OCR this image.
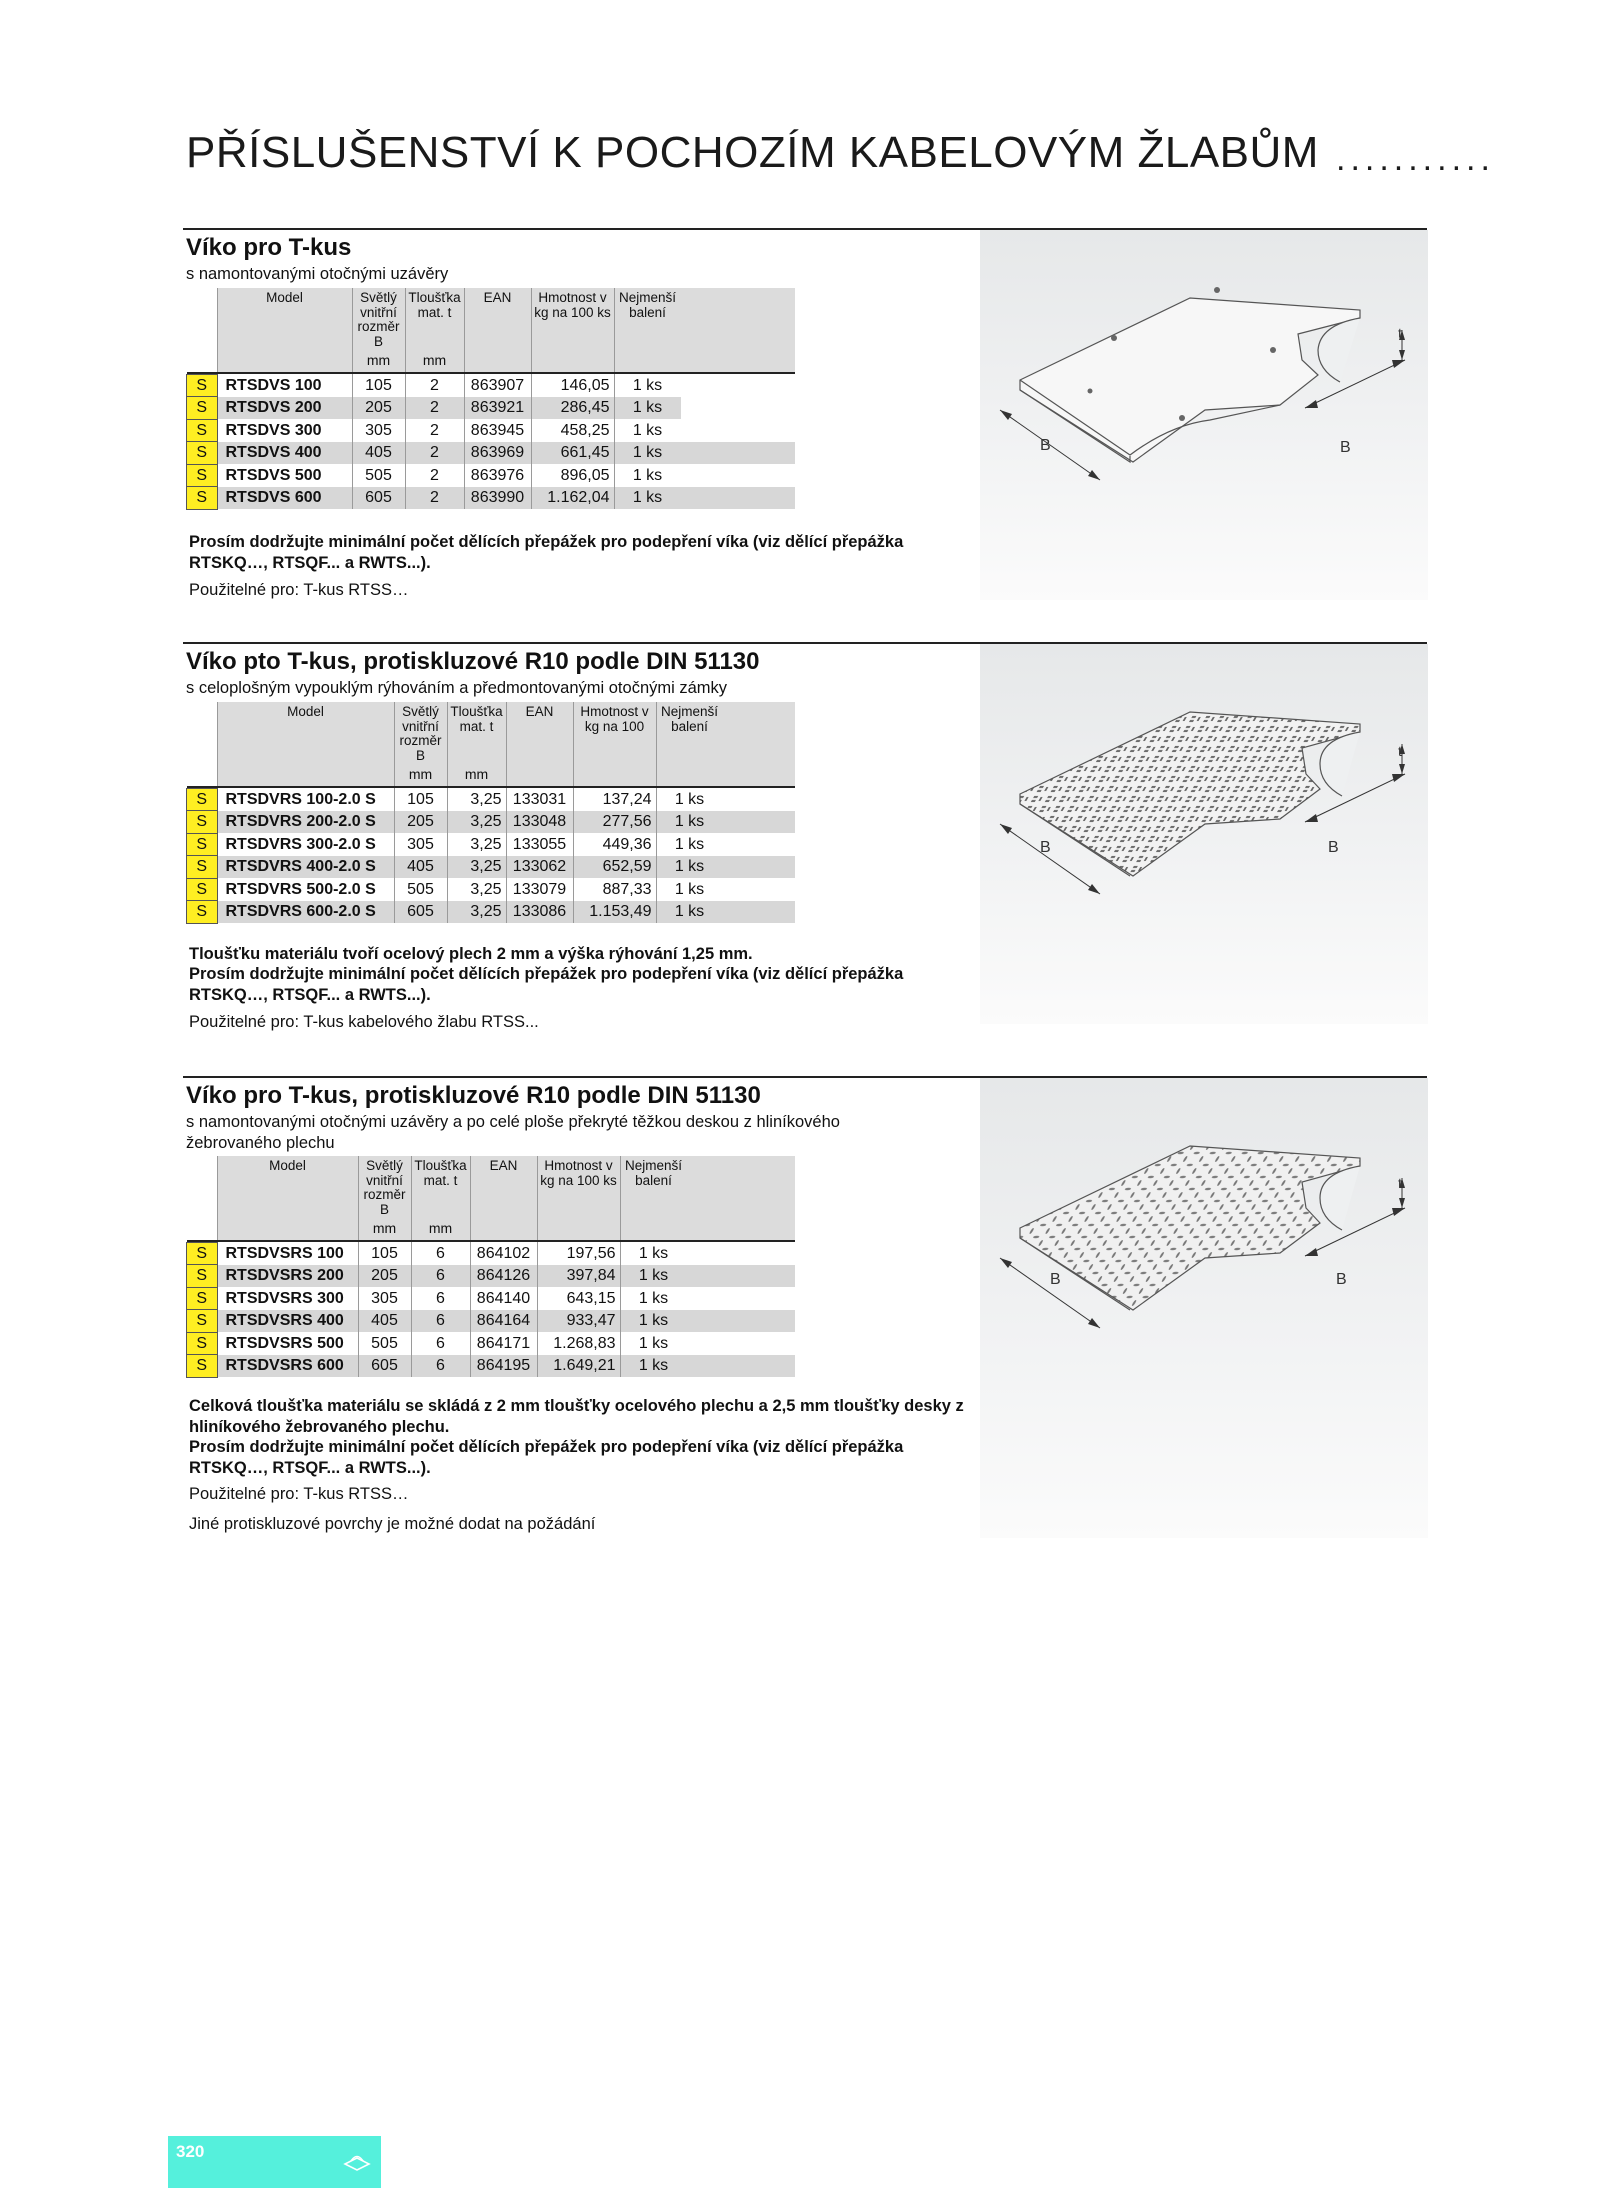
PŘÍSLUŠENSTVÍ K POCHOZÍM KABELOVÝM ŽLABŮM ...........
Víko pro T-kus
s namontovanými otočnými uzávěry
	Model	Světlý vnitřní rozměr B	Tloušťka mat. t	EAN	Hmotnost v kg na 100 ks	Nejmenší balení	
		mm	mm				

S	RTSDVS 100	105	2	863907	146,05	1 ks	
S	RTSDVS 200	205	2	863921	286,45	1 ks	
S	RTSDVS 300	305	2	863945	458,25	1 ks	
S	RTSDVS 400	405	2	863969	661,45	1 ks	
S	RTSDVS 500	505	2	863976	896,05	1 ks	
S	RTSDVS 600	605	2	863990	1.162,04	1 ks	
Prosím dodržujte minimální počet dělících přepážek pro podepření víka (viz dělící přepážka RTSKQ…, RTSQF... a RWTS...).
Použitelné pro: T-kus RTSS…
B	B
t
Víko pto T-kus, protiskluzové R10 podle DIN 51130
s celoplošným vypouklým rýhováním a předmontovanými otočnými zámky
	Model	Světlý vnitřní rozměr B	Tloušťka mat. t	EAN	Hmotnost v kg na 100	Nejmenší balení	
		mm	mm				

S	RTSDVRS 100-2.0 S	105	3,25	133031	137,24	1 ks	
S	RTSDVRS 200-2.0 S	205	3,25	133048	277,56	1 ks	
S	RTSDVRS 300-2.0 S	305	3,25	133055	449,36	1 ks	
S	RTSDVRS 400-2.0 S	405	3,25	133062	652,59	1 ks	
S	RTSDVRS 500-2.0 S	505	3,25	133079	887,33	1 ks	
S	RTSDVRS 600-2.0 S	605	3,25	133086	1.153,49	1 ks	
Tloušťku materiálu tvoří ocelový plech 2 mm a výška rýhování 1,25 mm.
Prosím dodržujte minimální počet dělících přepážek pro podepření víka (viz dělící přepážka RTSKQ…, RTSQF... a RWTS...).
Použitelné pro: T-kus kabelového žlabu RTSS...
B	B
t
Víko pro T-kus, protiskluzové R10 podle DIN 51130
s namontovanými otočnými uzávěry a po celé ploše překryté těžkou deskou z hliníkového žebrovaného plechu
	Model	Světlý vnitřní rozměr B	Tloušťka mat. t	EAN	Hmotnost v kg na 100 ks	Nejmenší balení	
		mm	mm				

S	RTSDVSRS 100	105	6	864102	197,56	1 ks	
S	RTSDVSRS 200	205	6	864126	397,84	1 ks	
S	RTSDVSRS 300	305	6	864140	643,15	1 ks	
S	RTSDVSRS 400	405	6	864164	933,47	1 ks	
S	RTSDVSRS 500	505	6	864171	1.268,83	1 ks	
S	RTSDVSRS 600	605	6	864195	1.649,21	1 ks	
Celková tloušťka materiálu se skládá z 2 mm tloušťky ocelového plechu a 2,5 mm tloušťky desky z hliníkového žebrovaného plechu.
Prosím dodržujte minimální počet dělících přepážek pro podepření víka (viz dělící přepážka RTSKQ…, RTSQF... a RWTS...).
Použitelné pro: T-kus RTSS…
Jiné protiskluzové povrchy je možné dodat na požádání
B	B
t
320
